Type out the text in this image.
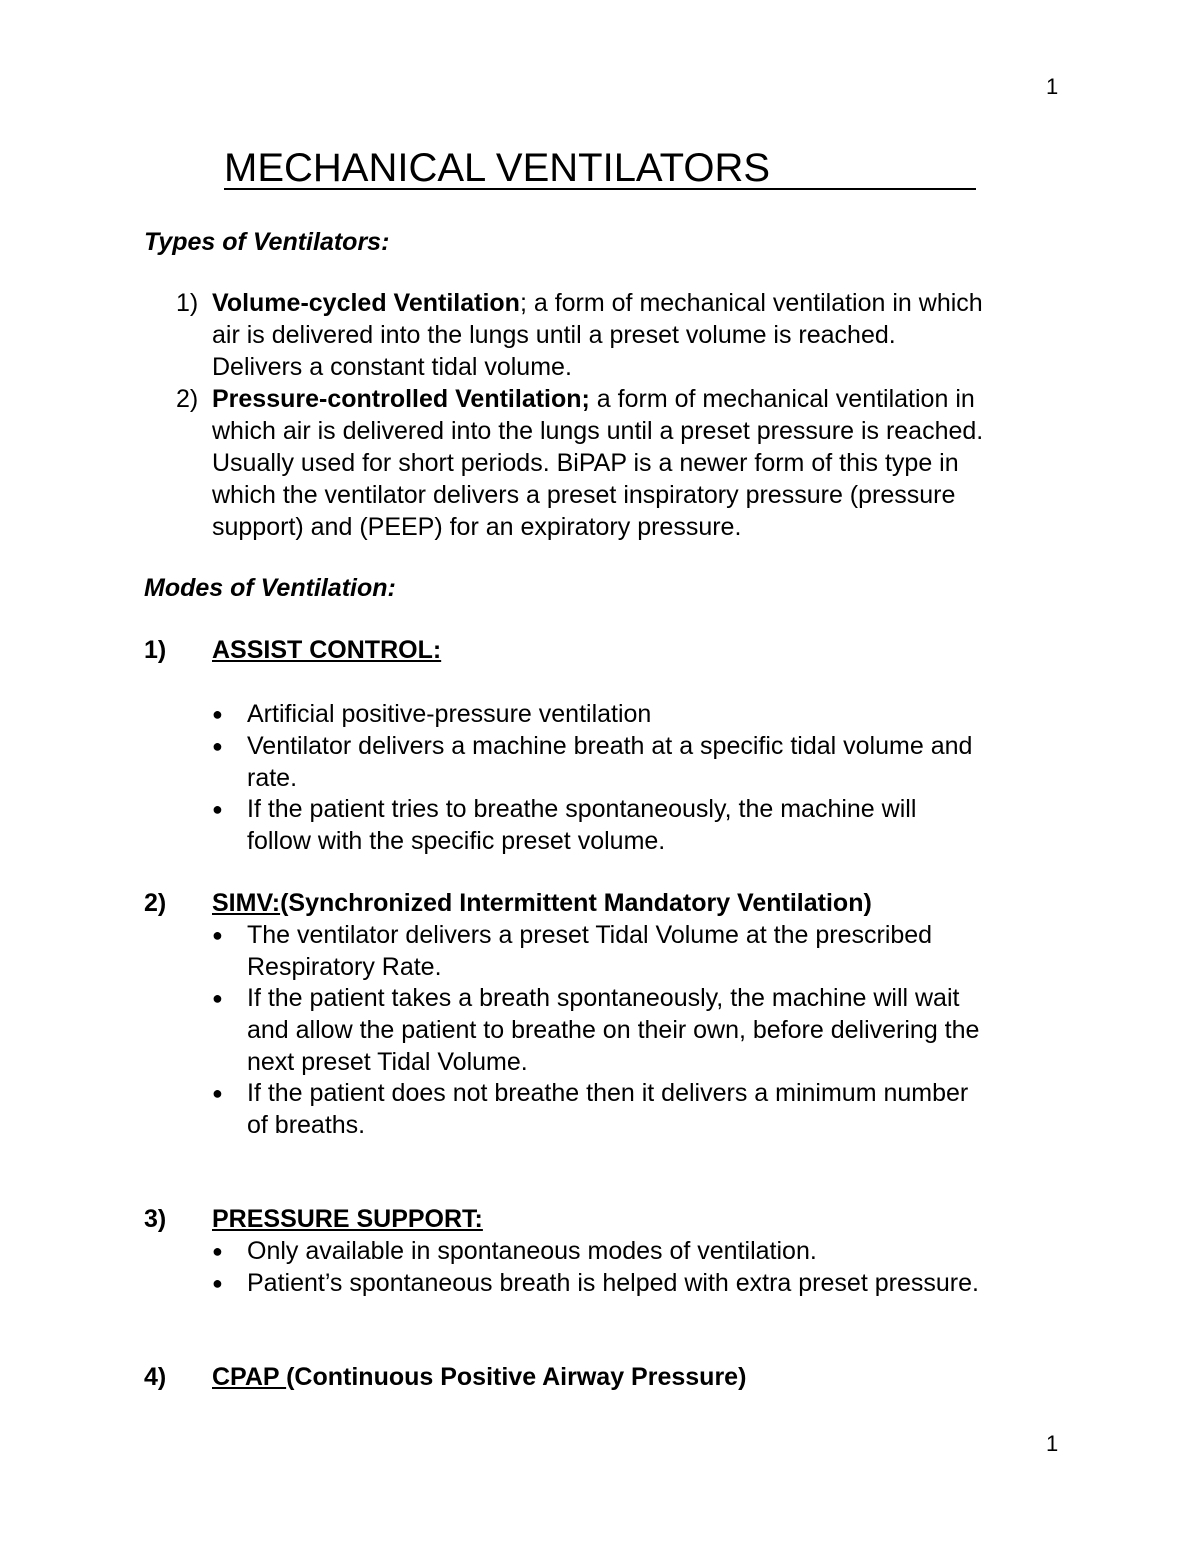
1
MECHANICAL VENTILATORS
Types of Ventilators:
1) Volume-cycled Ventilation; a form of mechanical ventilation in which
air is delivered into the lungs until a preset volume is reached.
Delivers a constant tidal volume.
2) Pressure-controlled Ventilation; a form of mechanical ventilation in
which air is delivered into the lungs until a preset pressure is reached.
Usually used for short periods. BiPAP is a newer form of this type in
which the ventilator delivers a preset inspiratory pressure (pressure
support) and (PEEP) for an expiratory pressure.
Modes of Ventilation:
1) ASSIST CONTROL:
● Artificial positive-pressure ventilation
● Ventilator delivers a machine breath at a specific tidal volume and
rate.
● If the patient tries to breathe spontaneously, the machine will
follow with the specific preset volume.
2) SIMV:(Synchronized Intermittent Mandatory Ventilation)
● The ventilator delivers a preset Tidal Volume at the prescribed
Respiratory Rate.
● If the patient takes a breath spontaneously, the machine will wait
and allow the patient to breathe on their own, before delivering the
next preset Tidal Volume.
● If the patient does not breathe then it delivers a minimum number
of breaths.
3) PRESSURE SUPPORT:
● Only available in spontaneous modes of ventilation.
● Patient’s spontaneous breath is helped with extra preset pressure.
4) CPAP (Continuous Positive Airway Pressure)
1
